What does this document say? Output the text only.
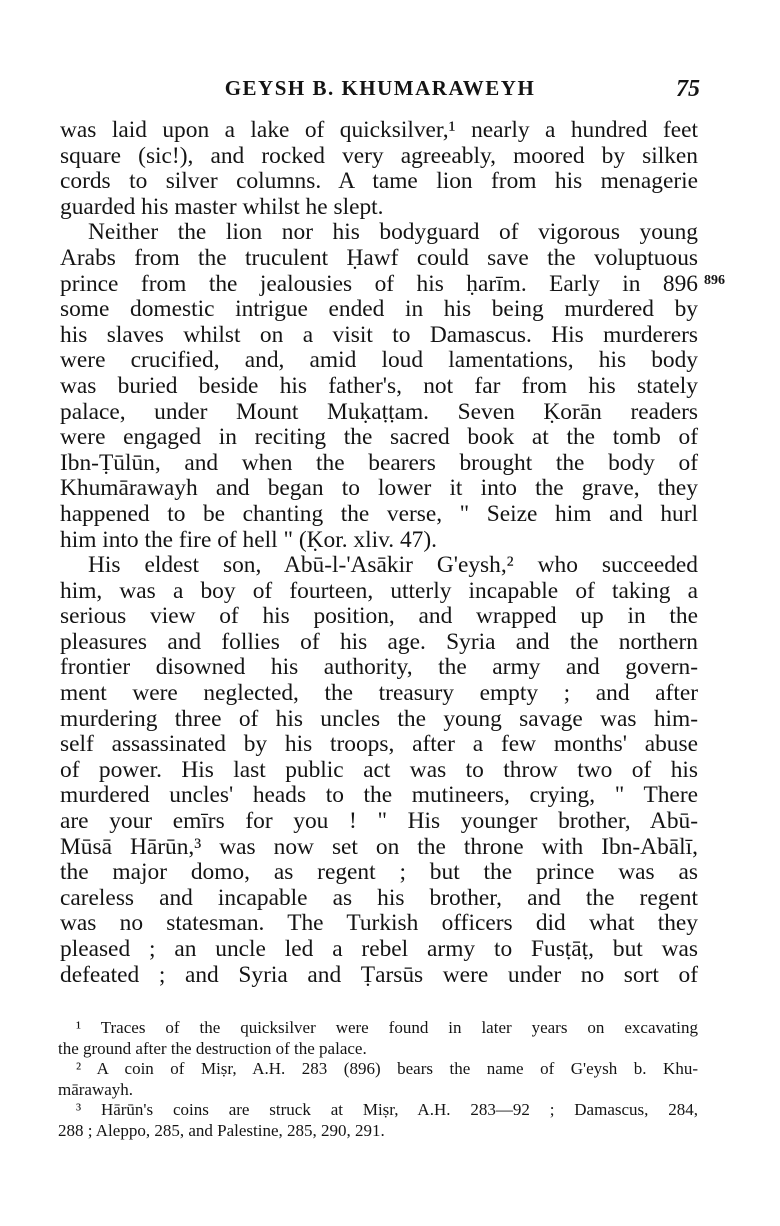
GEYSH B. KHUMARAWEYH	75
896
was laid upon a lake of quicksilver,¹ nearly a hundred feet
square (sic!), and rocked very agreeably, moored by silken
cords to silver columns. A tame lion from his menagerie
guarded his master whilst he slept.
Neither the lion nor his bodyguard of vigorous young
Arabs from the truculent Ḥawf could save the voluptuous
prince from the jealousies of his ḥarīm. Early in 896
some domestic intrigue ended in his being murdered by
his slaves whilst on a visit to Damascus. His murderers
were crucified, and, amid loud lamentations, his body
was buried beside his father's, not far from his stately
palace, under Mount Muḳaṭṭam. Seven Ḳorān readers
were engaged in reciting the sacred book at the tomb of
Ibn-Ṭūlūn, and when the bearers brought the body of
Khumārawayh and began to lower it into the grave, they
happened to be chanting the verse, " Seize him and hurl
him into the fire of hell " (Ḳor. xliv. 47).
His eldest son, Abū-l-'Asākir G'eysh,² who succeeded
him, was a boy of fourteen, utterly incapable of taking a
serious view of his position, and wrapped up in the
pleasures and follies of his age. Syria and the northern
frontier disowned his authority, the army and govern-
ment were neglected, the treasury empty ; and after
murdering three of his uncles the young savage was him-
self assassinated by his troops, after a few months' abuse
of power. His last public act was to throw two of his
murdered uncles' heads to the mutineers, crying, " There
are your emīrs for you ! " His younger brother, Abū-
Mūsā Hārūn,³ was now set on the throne with Ibn-Abālī,
the major domo, as regent ; but the prince was as
careless and incapable as his brother, and the regent
was no statesman. The Turkish officers did what they
pleased ; an uncle led a rebel army to Fusṭāṭ, but was
defeated ; and Syria and Ṭarsūs were under no sort of
¹ Traces of the quicksilver were found in later years on excavating
the ground after the destruction of the palace.
² A coin of Miṣr, A.H. 283 (896) bears the name of G'eysh b. Khu-
mārawayh.
³ Hārūn's coins are struck at Miṣr, A.H. 283—92 ; Damascus, 284,
288 ; Aleppo, 285, and Palestine, 285, 290, 291.
